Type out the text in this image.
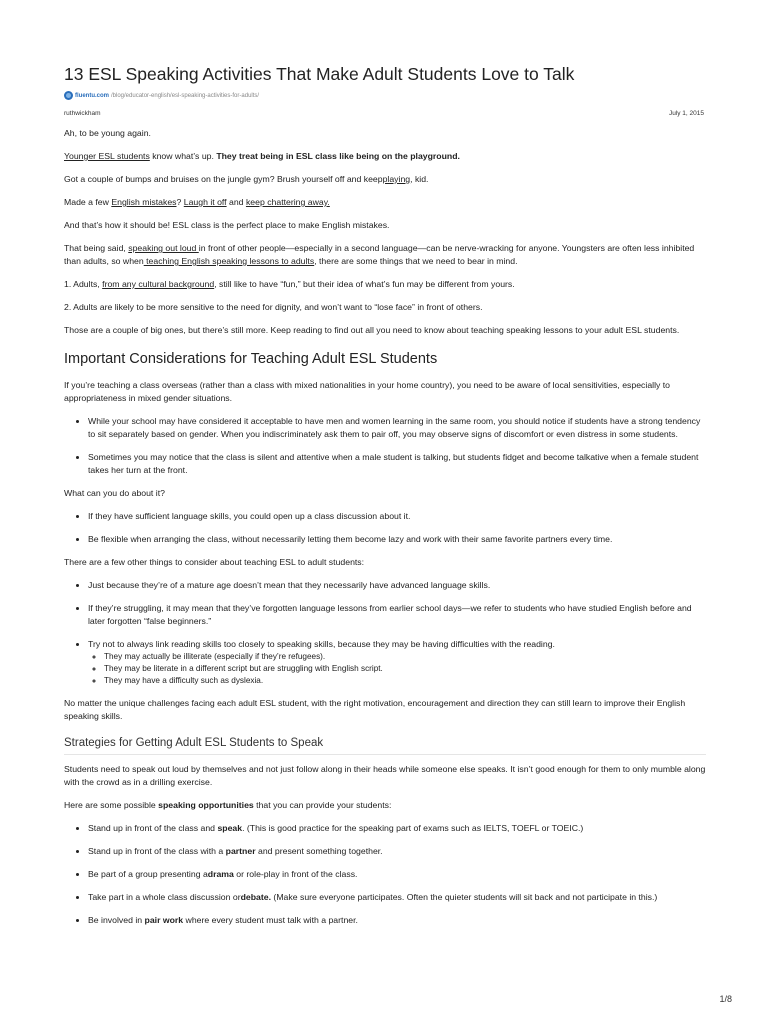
13 ESL Speaking Activities That Make Adult Students Love to Talk
fluentu.com /blog/educator-english/esl-speaking-activities-for-adults/
ruthwickham	July 1, 2015

Ah, to be young again.

Younger ESL students know what’s up. They treat being in ESL class like being on the playground.

Got a couple of bumps and bruises on the jungle gym? Brush yourself off and keepplaying, kid.

Made a few English mistakes? Laugh it off and keep chattering away.

And that’s how it should be! ESL class is the perfect place to make English mistakes.

That being said, speaking out loud in front of other people—especially in a second language—can be nerve-wracking for anyone. Youngsters are often less inhibited than adults, so when teaching English speaking lessons to adults, there are some things that we need to bear in mind.

1. Adults, from any cultural background, still like to have “fun,” but their idea of what’s fun may be different from yours.

2. Adults are likely to be more sensitive to the need for dignity, and won’t want to “lose face” in front of others.

Those are a couple of big ones, but there’s still more. Keep reading to find out all you need to know about teaching speaking lessons to your adult ESL students.

Important Considerations for Teaching Adult ESL Students

If you’re teaching a class overseas (rather than a class with mixed nationalities in your home country), you need to be aware of local sensitivities, especially to appropriateness in mixed gender situations.

• While your school may have considered it acceptable to have men and women learning in the same room, you should notice if students have a strong tendency to sit separately based on gender. When you indiscriminately ask them to pair off, you may observe signs of discomfort or even distress in some students.
• Sometimes you may notice that the class is silent and attentive when a male student is talking, but students fidget and become talkative when a female student takes her turn at the front.

What can you do about it?

• If they have sufficient language skills, you could open up a class discussion about it.
• Be flexible when arranging the class, without necessarily letting them become lazy and work with their same favorite partners every time.

There are a few other things to consider about teaching ESL to adult students:

• Just because they’re of a mature age doesn’t mean that they necessarily have advanced language skills.
• If they’re struggling, it may mean that they’ve forgotten language lessons from earlier school days—we refer to students who have studied English before and later forgotten “false beginners.”
• Try not to always link reading skills too closely to speaking skills, because they may be having difficulties with the reading.
◦ They may actually be illiterate (especially if they’re refugees).
◦ They may be literate in a different script but are struggling with English script.
◦ They may have a difficulty such as dyslexia.

No matter the unique challenges facing each adult ESL student, with the right motivation, encouragement and direction they can still learn to improve their English speaking skills.

Strategies for Getting Adult ESL Students to Speak

Students need to speak out loud by themselves and not just follow along in their heads while someone else speaks. It isn’t good enough for them to only mumble along with the crowd as in a drilling exercise.

Here are some possible speaking opportunities that you can provide your students:

• Stand up in front of the class and speak. (This is good practice for the speaking part of exams such as IELTS, TOEFL or TOEIC.)
• Stand up in front of the class with a partner and present something together.
• Be part of a group presenting adrama or role-play in front of the class.
• Take part in a whole class discussion ordebate. (Make sure everyone participates. Often the quieter students will sit back and not participate in this.)
• Be involved in pair work where every student must talk with a partner.
1/8
